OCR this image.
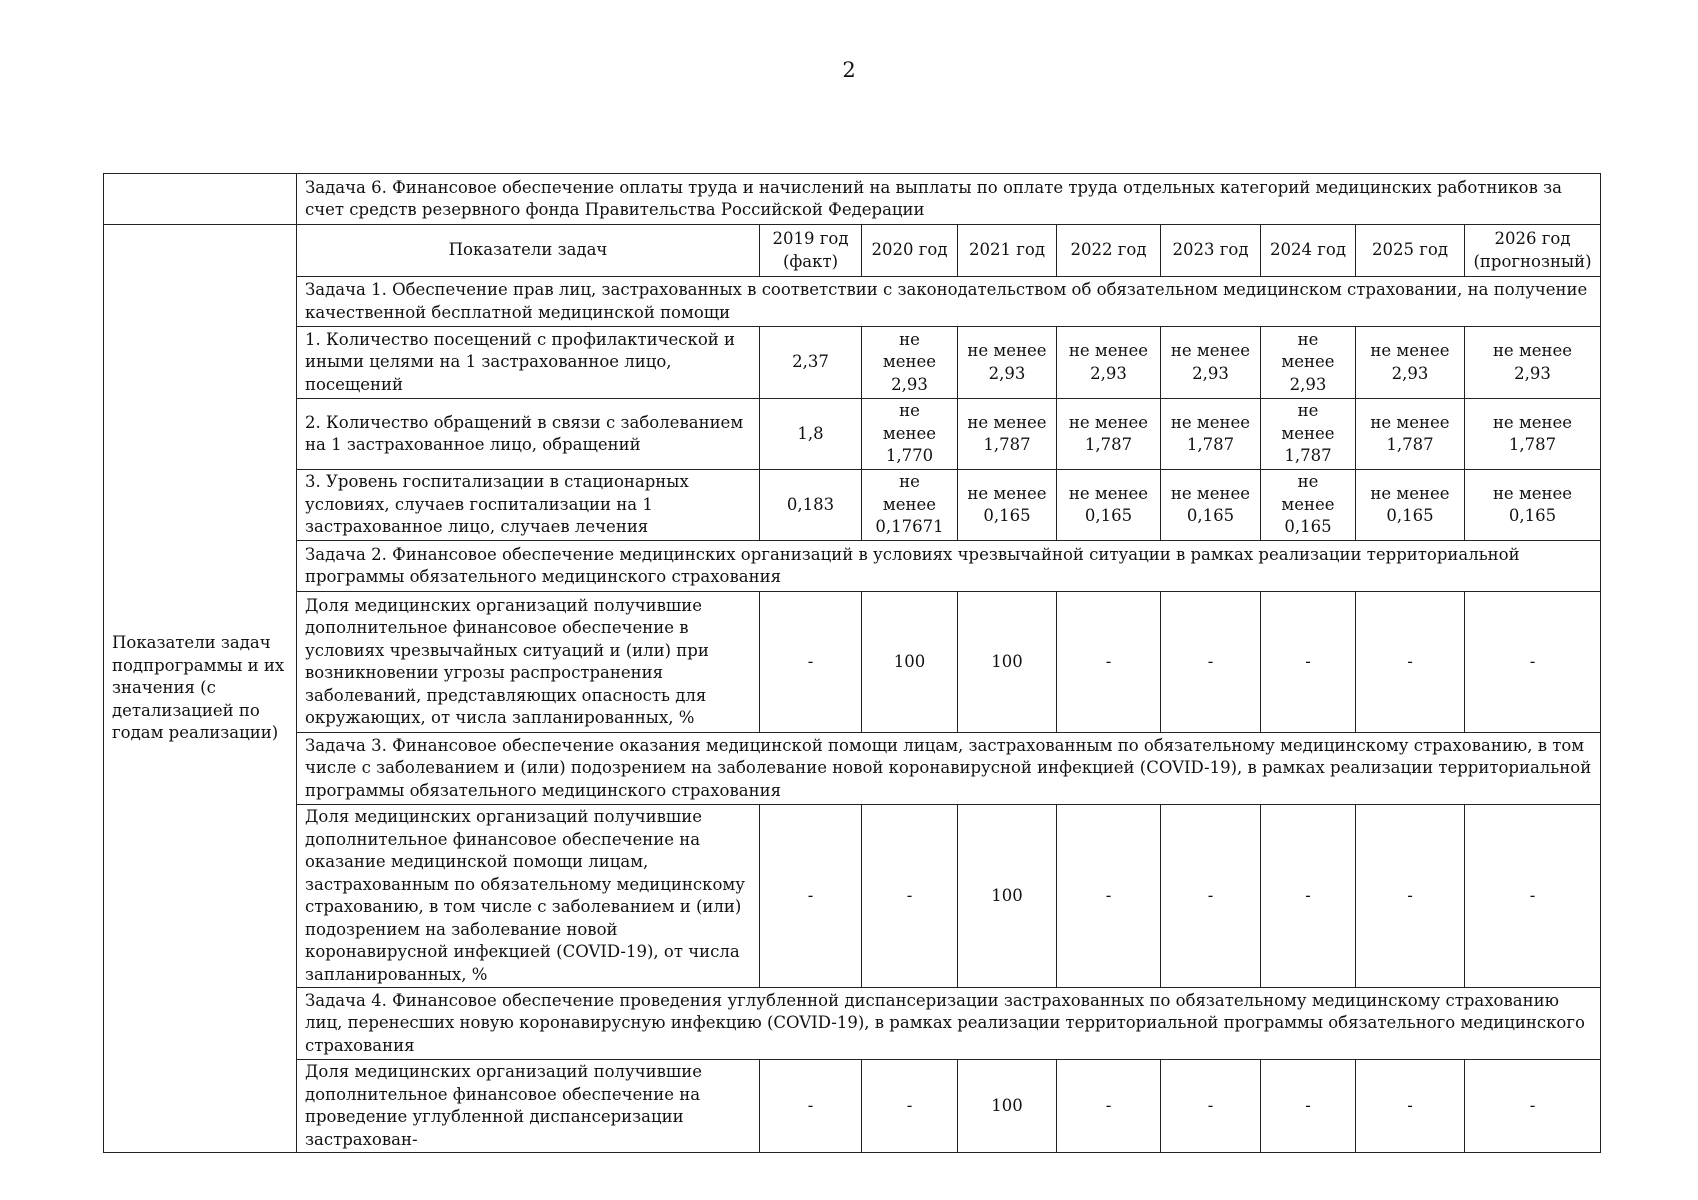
2
	Задача 6. Финансовое обеспечение оплаты труда и начислений на выплаты по оплате труда отдельных категорий медицинских работников за счет средств резервного фонда Правительства Российской Федерации								
Показатели задач подпрограммы и их значения (с детализацией по годам реализации)	Показатели задач	2019 год (факт)	2020 год	2021 год	2022 год	2023 год	2024 год	2025 год	2026 год (прогнозный)
	Задача 1. Обеспечение прав лиц, застрахованных в соответствии с законодательством об обязательном медицинском страховании, на получение качественной бесплатной медицинской помощи								
	1. Количество посещений с профилактической и иными целями на 1 застрахованное лицо, посещений	2,37	не менее 2,93	не менее 2,93	не менее 2,93	не менее 2,93	не менее 2,93	не менее 2,93	не менее 2,93
	2. Количество обращений в связи с заболеванием на 1 застрахованное лицо, обращений	1,8	не менее 1,770	не менее 1,787	не менее 1,787	не менее 1,787	не менее 1,787	не менее 1,787	не менее 1,787
	3. Уровень госпитализации в стационарных условиях, случаев госпитализации на 1 застрахованное лицо, случаев лечения	0,183	не менее 0,17671	не менее 0,165	не менее 0,165	не менее 0,165	не менее 0,165	не менее 0,165	не менее 0,165
	Задача 2. Финансовое обеспечение медицинских организаций в условиях чрезвычайной ситуации в рамках реализации территориальной программы обязательного медицинского страхования								
	Доля медицинских организаций получившие дополнительное финансовое обеспечение в условиях чрезвычайных ситуаций и (или) при возникновении угрозы распространения заболеваний, представляющих опасность для окружающих, от числа запланированных, %	-	100	100	-	-	-	-	-
	Задача 3. Финансовое обеспечение оказания медицинской помощи лицам, застрахованным по обязательному медицинскому страхованию, в том числе с заболеванием и (или) подозрением на заболевание новой коронавирусной инфекцией (COVID-19), в рамках реализации территориальной программы обязательного медицинского страхования								
	Доля медицинских организаций получившие дополнительное финансовое обеспечение на оказание медицинской помощи лицам, застрахованным по обязательному медицинскому страхованию, в том числе с заболеванием и (или) подозрением на заболевание новой коронавирусной инфекцией (COVID-19), от числа запланированных, %	-	-	100	-	-	-	-	-
	Задача 4. Финансовое обеспечение проведения углубленной диспансеризации застрахованных по обязательному медицинскому страхованию лиц, перенесших новую коронавирусную инфекцию (COVID-19), в рамках реализации территориальной программы обязательного медицинского страхования								
	Доля медицинских организаций получившие дополнительное финансовое обеспечение на проведение углубленной диспансеризации застрахован-	-	-	100	-	-	-	-	-
